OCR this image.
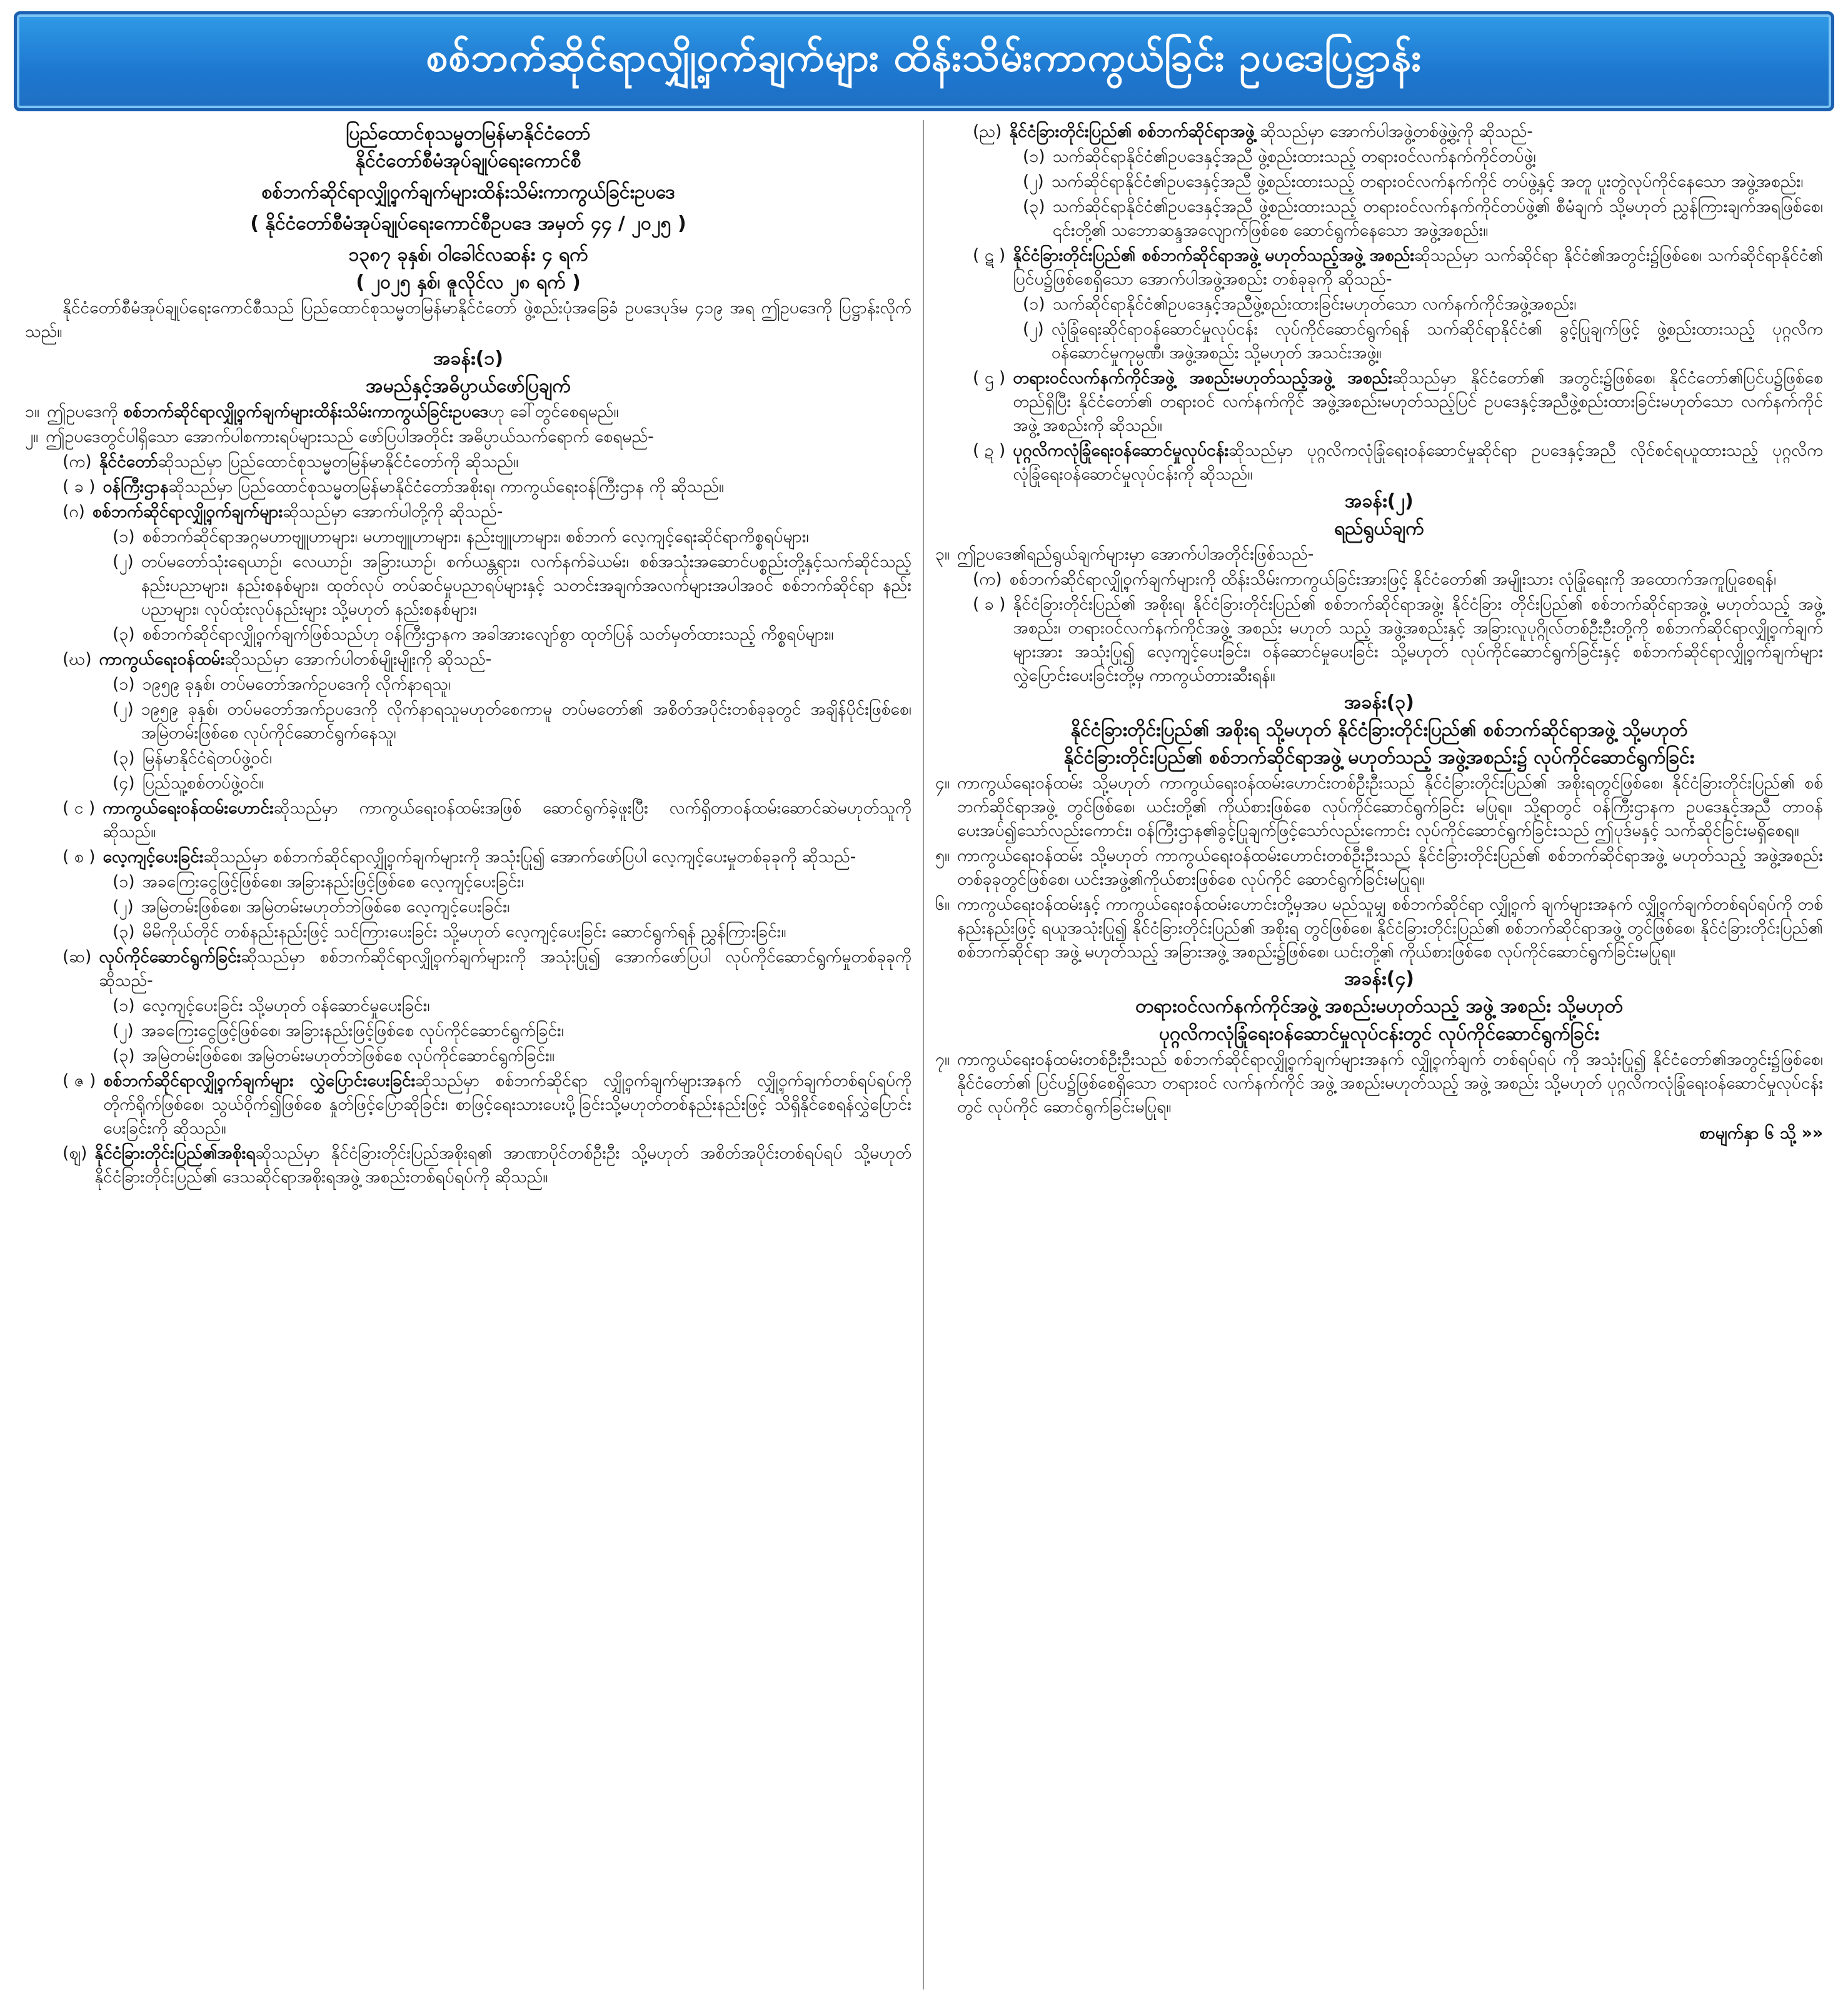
စစ်ဘက်ဆိုင်ရာလျှို့ဝှက်ချက်များ ထိန်းသိမ်းကာကွယ်ခြင်း ဥပဒေပြဋ္ဌာန်း
ပြည်ထောင်စုသမ္မတမြန်မာနိုင်ငံတော်
နိုင်ငံတော်စီမံအုပ်ချုပ်ရေးကောင်စီ
စစ်ဘက်ဆိုင်ရာလျှို့ဝှက်ချက်များထိန်းသိမ်းကာကွယ်ခြင်းဥပဒေ
( နိုင်ငံတော်စီမံအုပ်ချုပ်ရေးကောင်စီဥပဒေ အမှတ် ၄၄ / ၂၀၂၅ )
၁၃၈၇ ခုနှစ်၊ ဝါခေါင်လဆန်း ၄ ရက်
( ၂၀၂၅ နှစ်၊ ဇူလိုင်လ ၂၈ ရက် )

နိုင်ငံတော်စီမံအုပ်ချုပ်ရေးကောင်စီသည် ပြည်ထောင်စုသမ္မတမြန်မာနိုင်ငံတော် ဖွဲ့စည်းပုံအခြေခံ ဥပဒေပုဒ်မ ၄၁၉ အရ ဤဥပဒေကို ပြဋ္ဌာန်းလိုက်သည်။

အခန်း(၁)
အမည်နှင့်အဓိပ္ပာယ်ဖော်ပြချက်
၁။ ဤဥပဒေကို စစ်ဘက်ဆိုင်ရာလျှို့ဝှက်ချက်များထိန်းသိမ်းကာကွယ်ခြင်းဥပဒေဟု ခေါ်တွင်စေရမည်။
၂။ ဤဥပဒေတွင်ပါရှိသော အောက်ပါစကားရပ်များသည် ဖော်ပြပါအတိုင်း အဓိပ္ပာယ်သက်ရောက် စေရမည်-
(က) နိုင်ငံတော်ဆိုသည်မှာ ပြည်ထောင်စုသမ္မတမြန်မာနိုင်ငံတော်ကို ဆိုသည်။
( ခ ) ဝန်ကြီးဌာနဆိုသည်မှာ ပြည်ထောင်စုသမ္မတမြန်မာနိုင်ငံတော်အစိုးရ၊ ကာကွယ်ရေးဝန်ကြီးဌာန ကို ဆိုသည်။
(ဂ) စစ်ဘက်ဆိုင်ရာလျှို့ဝှက်ချက်များဆိုသည်မှာ အောက်ပါတို့ကို ဆိုသည်-
(၁) စစ်ဘက်ဆိုင်ရာအဂ္ဂမဟာဗျူဟာများ၊ မဟာဗျူဟာများ၊ နည်းဗျူဟာများ၊ စစ်ဘက် လေ့ကျင့်ရေးဆိုင်ရာကိစ္စရပ်များ၊
(၂) တပ်မတော်သုံးရေယာဉ်၊ လေယာဉ်၊ အခြားယာဉ်၊ စက်ယန္တရား၊ လက်နက်ခဲယမ်း၊ စစ်အသုံးအဆောင်ပစ္စည်းတို့နှင့်သက်ဆိုင်သည့် နည်းပညာများ၊ နည်းစနစ်များ၊ ထုတ်လုပ် တပ်ဆင်မှုပညာရပ်များနှင့် သတင်းအချက်အလက်များအပါအဝင် စစ်ဘက်ဆိုင်ရာ နည်းပညာများ၊ လုပ်ထုံးလုပ်နည်းများ သို့မဟုတ် နည်းစနစ်များ၊
(၃) စစ်ဘက်ဆိုင်ရာလျှို့ဝှက်ချက်ဖြစ်သည်ဟု ဝန်ကြီးဌာနက အခါအားလျော်စွာ ထုတ်ပြန် သတ်မှတ်ထားသည့် ကိစ္စရပ်များ။
(ဃ) ကာကွယ်ရေးဝန်ထမ်းဆိုသည်မှာ အောက်ပါတစ်မျိုးမျိုးကို ဆိုသည်-
(၁) ၁၉၅၉ ခုနှစ်၊ တပ်မတော်အက်ဥပဒေကို လိုက်နာရသူ၊
(၂) ၁၉၅၉ ခုနှစ်၊ တပ်မတော်အက်ဥပဒေကို လိုက်နာရသူမဟုတ်စေကာမူ တပ်မတော်၏ အစိတ်အပိုင်းတစ်ခုခုတွင် အချိန်ပိုင်းဖြစ်စေ၊ အမြဲတမ်းဖြစ်စေ လုပ်ကိုင်ဆောင်ရွက်နေသူ၊
(၃) မြန်မာနိုင်ငံရဲတပ်ဖွဲ့ဝင်၊
(၄) ပြည်သူ့စစ်တပ်ဖွဲ့ဝင်။
( င ) ကာကွယ်ရေးဝန်ထမ်းဟောင်းဆိုသည်မှာ ကာကွယ်ရေးဝန်ထမ်းအဖြစ် ဆောင်ရွက်ခဲ့ဖူးပြီး လက်ရှိတာဝန်ထမ်းဆောင်ဆဲမဟုတ်သူကို ဆိုသည်။
( စ ) လေ့ကျင့်ပေးခြင်းဆိုသည်မှာ စစ်ဘက်ဆိုင်ရာလျှို့ဝှက်ချက်များကို အသုံးပြု၍ အောက်ဖော်ပြပါ လေ့ကျင့်ပေးမှုတစ်ခုခုကို ဆိုသည်-
(၁) အခကြေးငွေဖြင့်ဖြစ်စေ၊ အခြားနည်းဖြင့်ဖြစ်စေ လေ့ကျင့်ပေးခြင်း၊
(၂) အမြဲတမ်းဖြစ်စေ၊ အမြဲတမ်းမဟုတ်ဘဲဖြစ်စေ လေ့ကျင့်ပေးခြင်း၊
(၃) မိမိကိုယ်တိုင် တစ်နည်းနည်းဖြင့် သင်ကြားပေးခြင်း သို့မဟုတ် လေ့ကျင့်ပေးခြင်း ဆောင်ရွက်ရန် ညွှန်ကြားခြင်း။
(ဆ) လုပ်ကိုင်ဆောင်ရွက်ခြင်းဆိုသည်မှာ စစ်ဘက်ဆိုင်ရာလျှို့ဝှက်ချက်များကို အသုံးပြု၍ အောက်ဖော်ပြပါ လုပ်ကိုင်ဆောင်ရွက်မှုတစ်ခုခုကို ဆိုသည်-
(၁) လေ့ကျင့်ပေးခြင်း သို့မဟုတ် ဝန်ဆောင်မှုပေးခြင်း၊
(၂) အခကြေးငွေဖြင့်ဖြစ်စေ၊ အခြားနည်းဖြင့်ဖြစ်စေ လုပ်ကိုင်ဆောင်ရွက်ခြင်း၊
(၃) အမြဲတမ်းဖြစ်စေ၊ အမြဲတမ်းမဟုတ်ဘဲဖြစ်စေ လုပ်ကိုင်ဆောင်ရွက်ခြင်း။
( ဇ ) စစ်ဘက်ဆိုင်ရာလျှို့ဝှက်ချက်များ လွှဲပြောင်းပေးခြင်းဆိုသည်မှာ စစ်ဘက်ဆိုင်ရာ လျှို့ဝှက်ချက်များအနက် လျှို့ဝှက်ချက်တစ်ရပ်ရပ်ကို တိုက်ရိုက်ဖြစ်စေ၊ သွယ်ဝိုက်၍ဖြစ်စေ နှုတ်ဖြင့်ပြောဆိုခြင်း၊ စာဖြင့်ရေးသားပေးပို့ခြင်းသို့မဟုတ်တစ်နည်းနည်းဖြင့် သိရှိနိုင်စေရန်လွှဲပြောင်းပေးခြင်းကို ဆိုသည်။
(ဈ) နိုင်ငံခြားတိုင်းပြည်၏အစိုးရဆိုသည်မှာ နိုင်ငံခြားတိုင်းပြည်အစိုးရ၏ အာဏာပိုင်တစ်ဦးဦး သို့မဟုတ် အစိတ်အပိုင်းတစ်ရပ်ရပ် သို့မဟုတ် နိုင်ငံခြားတိုင်းပြည်၏ ဒေသဆိုင်ရာအစိုးရအဖွဲ့ အစည်းတစ်ရပ်ရပ်ကို ဆိုသည်။
(ည) နိုင်ငံခြားတိုင်းပြည်၏ စစ်ဘက်ဆိုင်ရာအဖွဲ့ ဆိုသည်မှာ အောက်ပါအဖွဲ့တစ်ဖွဲ့ဖွဲ့ကို ဆိုသည်-
(၁) သက်ဆိုင်ရာနိုင်ငံ၏ဥပဒေနှင့်အညီ ဖွဲ့စည်းထားသည့် တရားဝင်လက်နက်ကိုင်တပ်ဖွဲ့၊
(၂) သက်ဆိုင်ရာနိုင်ငံ၏ဥပဒေနှင့်အညီ ဖွဲ့စည်းထားသည့် တရားဝင်လက်နက်ကိုင် တပ်ဖွဲ့နှင့် အတူ ပူးတွဲလုပ်ကိုင်နေသော အဖွဲ့အစည်း၊
(၃) သက်ဆိုင်ရာနိုင်ငံ၏ဥပဒေနှင့်အညီ ဖွဲ့စည်းထားသည့် တရားဝင်လက်နက်ကိုင်တပ်ဖွဲ့၏ စီမံချက် သို့မဟုတ် ညွှန်ကြားချက်အရဖြစ်စေ၊ ၎င်းတို့၏ သဘောဆန္ဒအလျောက်ဖြစ်စေ ဆောင်ရွက်နေသော အဖွဲ့အစည်း။
( ဋ ) နိုင်ငံခြားတိုင်းပြည်၏ စစ်ဘက်ဆိုင်ရာအဖွဲ့ မဟုတ်သည့်အဖွဲ့ အစည်းဆိုသည်မှာ သက်ဆိုင်ရာ နိုင်ငံ၏အတွင်း၌ဖြစ်စေ၊ သက်ဆိုင်ရာနိုင်ငံ၏ ပြင်ပ၌ဖြစ်စေရှိသော အောက်ပါအဖွဲ့အစည်း တစ်ခုခုကို ဆိုသည်-
(၁) သက်ဆိုင်ရာနိုင်ငံ၏ဥပဒေနှင့်အညီဖွဲ့စည်းထားခြင်းမဟုတ်သော လက်နက်ကိုင်အဖွဲ့အစည်း၊
(၂) လုံခြုံရေးဆိုင်ရာဝန်ဆောင်မှုလုပ်ငန်း လုပ်ကိုင်ဆောင်ရွက်ရန် သက်ဆိုင်ရာနိုင်ငံ၏ ခွင့်ပြုချက်ဖြင့် ဖွဲ့စည်းထားသည့် ပုဂ္ဂလိကဝန်ဆောင်မှုကုမ္ပဏီ၊ အဖွဲ့အစည်း သို့မဟုတ် အသင်းအဖွဲ့။
( ဌ ) တရားဝင်လက်နက်ကိုင်အဖွဲ့ အစည်းမဟုတ်သည့်အဖွဲ့ အစည်းဆိုသည်မှာ နိုင်ငံတော်၏ အတွင်း၌ဖြစ်စေ၊ နိုင်ငံတော်၏ပြင်ပ၌ဖြစ်စေ တည်ရှိပြီး နိုင်ငံတော်၏ တရားဝင် လက်နက်ကိုင် အဖွဲ့အစည်းမဟုတ်သည့်ပြင် ဥပဒေနှင့်အညီဖွဲ့စည်းထားခြင်းမဟုတ်သော လက်နက်ကိုင်အဖွဲ့ အစည်းကို ဆိုသည်။
( ဍ ) ပုဂ္ဂလိကလုံခြုံရေးဝန်ဆောင်မှုလုပ်ငန်းဆိုသည်မှာ ပုဂ္ဂလိကလုံခြုံရေးဝန်ဆောင်မှုဆိုင်ရာ ဥပဒေနှင့်အညီ လိုင်စင်ရယူထားသည့် ပုဂ္ဂလိကလုံခြုံရေးဝန်ဆောင်မှုလုပ်ငန်းကို ဆိုသည်။
အခန်း(၂)
ရည်ရွယ်ချက်
၃။ ဤဥပဒေ၏ရည်ရွယ်ချက်များမှာ အောက်ပါအတိုင်းဖြစ်သည်-
(က) စစ်ဘက်ဆိုင်ရာလျှို့ဝှက်ချက်များကို ထိန်းသိမ်းကာကွယ်ခြင်းအားဖြင့် နိုင်ငံတော်၏ အမျိုးသား လုံခြုံရေးကို အထောက်အကူပြုစေရန်၊
( ခ ) နိုင်ငံခြားတိုင်းပြည်၏ အစိုးရ၊ နိုင်ငံခြားတိုင်းပြည်၏ စစ်ဘက်ဆိုင်ရာအဖွဲ့၊ နိုင်ငံခြား တိုင်းပြည်၏ စစ်ဘက်ဆိုင်ရာအဖွဲ့ မဟုတ်သည့် အဖွဲ့အစည်း၊ တရားဝင်လက်နက်ကိုင်အဖွဲ့ အစည်း မဟုတ် သည့် အဖွဲ့အစည်းနှင့် အခြားလူပုဂ္ဂိုလ်တစ်ဦးဦးတို့ကို စစ်ဘက်ဆိုင်ရာလျှို့ဝှက်ချက်များအား အသုံးပြု၍ လေ့ကျင့်ပေးခြင်း၊ ဝန်ဆောင်မှုပေးခြင်း သို့မဟုတ် လုပ်ကိုင်ဆောင်ရွက်ခြင်းနှင့် စစ်ဘက်ဆိုင်ရာလျှို့ဝှက်ချက်များ လွှဲပြောင်းပေးခြင်းတို့မှ ကာကွယ်တားဆီးရန်။
အခန်း(၃)
နိုင်ငံခြားတိုင်းပြည်၏ အစိုးရ သို့မဟုတ် နိုင်ငံခြားတိုင်းပြည်၏ စစ်ဘက်ဆိုင်ရာအဖွဲ့ သို့မဟုတ်
နိုင်ငံခြားတိုင်းပြည်၏ စစ်ဘက်ဆိုင်ရာအဖွဲ့ မဟုတ်သည့် အဖွဲ့အစည်း၌ လုပ်ကိုင်ဆောင်ရွက်ခြင်း
၄။ ကာကွယ်ရေးဝန်ထမ်း သို့မဟုတ် ကာကွယ်ရေးဝန်ထမ်းဟောင်းတစ်ဦးဦးသည် နိုင်ငံခြားတိုင်းပြည်၏ အစိုးရတွင်ဖြစ်စေ၊ နိုင်ငံခြားတိုင်းပြည်၏ စစ်ဘက်ဆိုင်ရာအဖွဲ့ တွင်ဖြစ်စေ၊ ယင်းတို့၏ ကိုယ်စားဖြစ်စေ လုပ်ကိုင်ဆောင်ရွက်ခြင်း မပြုရ။ သို့ရာတွင် ဝန်ကြီးဌာနက ဥပဒေနှင့်အညီ တာဝန်ပေးအပ်၍သော်လည်းကောင်း၊ ဝန်ကြီးဌာန၏ခွင့်ပြုချက်ဖြင့်သော်လည်းကောင်း လုပ်ကိုင်ဆောင်ရွက်ခြင်းသည် ဤပုဒ်မနှင့် သက်ဆိုင်ခြင်းမရှိစေရ။
၅။ ကာကွယ်ရေးဝန်ထမ်း သို့မဟုတ် ကာကွယ်ရေးဝန်ထမ်းဟောင်းတစ်ဦးဦးသည် နိုင်ငံခြားတိုင်းပြည်၏ စစ်ဘက်ဆိုင်ရာအဖွဲ့ မဟုတ်သည့် အဖွဲ့အစည်းတစ်ခုခုတွင်ဖြစ်စေ၊ ယင်းအဖွဲ့၏ကိုယ်စားဖြစ်စေ လုပ်ကိုင် ဆောင်ရွက်ခြင်းမပြုရ။
၆။ ကာကွယ်ရေးဝန်ထမ်းနှင့် ကာကွယ်ရေးဝန်ထမ်းဟောင်းတို့မှအပ မည်သူမျှ စစ်ဘက်ဆိုင်ရာ လျှို့ဝှက် ချက်များအနက် လျှို့ဝှက်ချက်တစ်ရပ်ရပ်ကို တစ်နည်းနည်းဖြင့် ရယူအသုံးပြု၍ နိုင်ငံခြားတိုင်းပြည်၏ အစိုးရ တွင်ဖြစ်စေ၊ နိုင်ငံခြားတိုင်းပြည်၏ စစ်ဘက်ဆိုင်ရာအဖွဲ့ တွင်ဖြစ်စေ၊ နိုင်ငံခြားတိုင်းပြည်၏ စစ်ဘက်ဆိုင်ရာ အဖွဲ့ မဟုတ်သည့် အခြားအဖွဲ့ အစည်း၌ဖြစ်စေ၊ ယင်းတို့၏ ကိုယ်စားဖြစ်စေ လုပ်ကိုင်ဆောင်ရွက်ခြင်းမပြုရ။
အခန်း(၄)
တရားဝင်လက်နက်ကိုင်အဖွဲ့ အစည်းမဟုတ်သည့် အဖွဲ့ အစည်း သို့မဟုတ်
ပုဂ္ဂလိကလုံခြုံရေးဝန်ဆောင်မှုလုပ်ငန်းတွင် လုပ်ကိုင်ဆောင်ရွက်ခြင်း
၇။ ကာကွယ်ရေးဝန်ထမ်းတစ်ဦးဦးသည် စစ်ဘက်ဆိုင်ရာလျှို့ဝှက်ချက်များအနက် လျှို့ဝှက်ချက် တစ်ရပ်ရပ် ကို အသုံးပြု၍ နိုင်ငံတော်၏အတွင်း၌ဖြစ်စေ၊ နိုင်ငံတော်၏ ပြင်ပ၌ဖြစ်စေရှိသော တရားဝင် လက်နက်ကိုင် အဖွဲ့ အစည်းမဟုတ်သည့် အဖွဲ့ အစည်း သို့မဟုတ် ပုဂ္ဂလိကလုံခြုံရေးဝန်ဆောင်မှုလုပ်ငန်းတွင် လုပ်ကိုင် ဆောင်ရွက်ခြင်းမပြုရ။
စာမျက်နှာ ၆ သို့ »»
